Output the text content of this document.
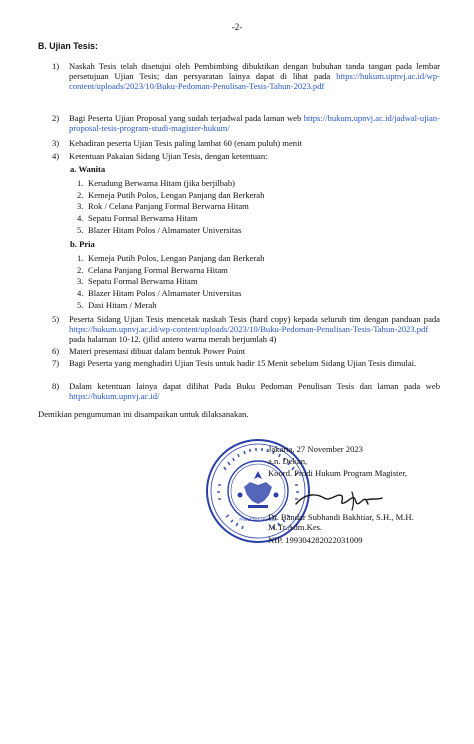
-2-
B. Ujian Tesis:
1)	Naskah Tesis telah disetujui oleh Pembimbing dibuktikan dengan bubuhan tanda tangan pada lembar persetujuan Ujian Tesis; dan persyaratan lainya dapat di lihat pada https://hukum.upnvj.ac.id/wp-content/uploads/2023/10/Buku-Pedoman-Penulisan-Tesis-Tahun-2023.pdf
2)	Bagi Peserta Ujian Proposal yang sudah terjadwal pada laman web https://hukum.upnvj.ac.id/jadwal-ujian-proposal-tesis-program-studi-magister-hukum/
3)	Kehadiran peserta Ujian Tesis paling lambat 60 (enam puluh) menit
4)	Ketentuan Pakaian Sidang Ujian Tesis, dengan ketentuan:
a. Wanita
1. Kerudung Berwarna Hitam (jika berjilbab)
2. Kemeja Putih Polos, Lengan Panjang dan Berkerah
3. Rok / Celana Panjang Formal Berwarna Hitam
4. Sepatu Formal Berwarna Hitam
5. Blazer Hitam Polos / Almamater Universitas
b. Pria
1. Kemeja Putih Polos, Lengan Panjang dan Berkerah
2. Celana Panjang Formal Berwarna Hitam
3. Sepatu Formal Berwarna Hitam
4. Blazer Hitam Polos / Almamater Universitas
5. Dasi Hitam / Merah
5)	Peserta Sidang Ujian Tesis mencetak naskah Tesis (hard copy) kepada seluruh tim dengan panduan pada https://hukum.upnvj.ac.id/wp-content/uploads/2023/10/Buku-Pedoman-Penulisan-Tesis-Tahun-2023.pdf pada halaman 10-12. (jilid antero warna merah berjumlah 4)
6)	Materi presentasi dibuat dalam bentuk Power Point
7)	Bagi Peserta yang menghadiri Ujian Tesis untuk hadir 15 Menit sebelum Sidang Ujian Tesis dimulai.
8)	Dalam ketentuan lainya dapat dilihat Pada Buku Pedoman Penulisan Tesis dan laman pada web https://hukum.upnvj.ac.id/
Demikian pengumuman ini disampaikan untuk dilaksanakan.
FAKULTAS HUKUM
Jakarta, 27 November 2023
a.n. Dekan,
Koord. Prodi Hukum Program Magister,
Dr. Bandar Subhandi Bakhtiar, S.H., M.H. M.Tr.Adm.Kes.
NIP. 199304282022031009
